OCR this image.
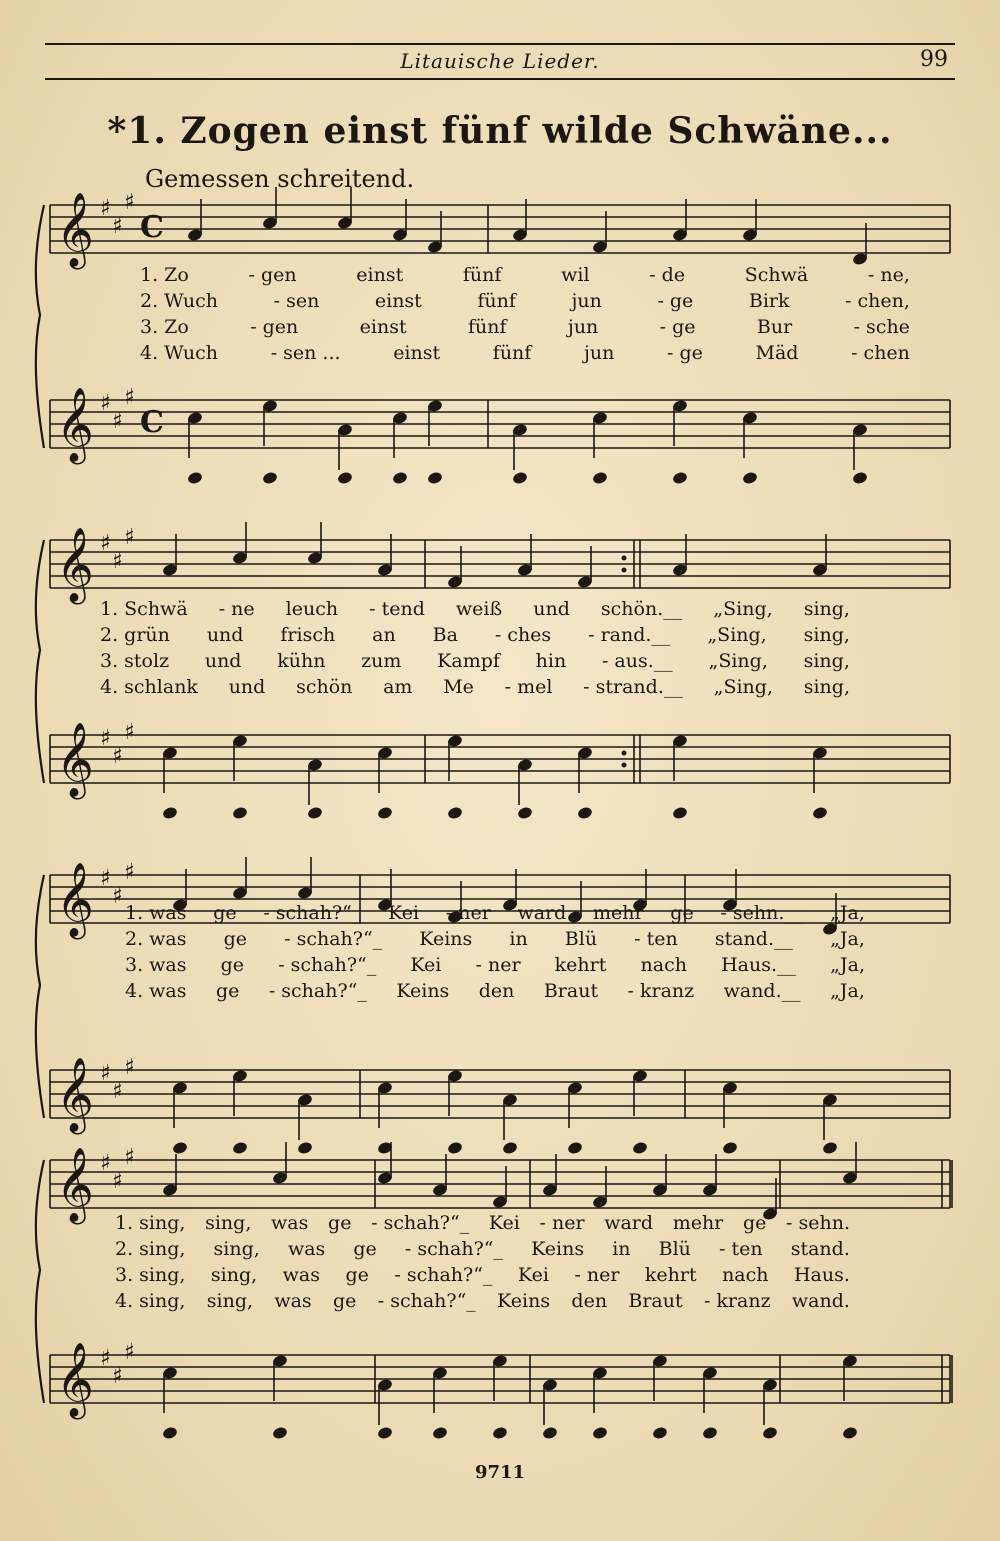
Litauische Lieder.	99
*1. Zogen einst fünf wilde Schwäne...
Gemessen schreitend.
𝄞 ♯
♯
♯
C
𝄞 ♯
♯
♯
C
1. Zo	- gen	einst	fünf	wil	- de	Schwä	- ne,
2. Wuch	- sen	einst	fünf	jun	- ge	Birk	- chen,
3. Zo	- gen	einst	fünf	jun	- ge	Bur	- sche
4. Wuch	- sen ...	einst	fünf	jun	- ge	Mäd	- chen
𝄞 ♯
♯
♯
𝄞 ♯
♯
♯
1. Schwä - ne leuch - tend weiß und schön.__ „Sing, sing,
2. grün und frisch an Ba - ches - rand.__ „Sing, sing,
3. stolz und kühn zum Kampf hin - aus.__ „Sing, sing,
4. schlank und schön am Me - mel - strand.__ „Sing, sing,
𝄞 ♯
♯
♯
𝄞 ♯
♯
♯
1. was ge - schah?“_ Kei - ner ward mehr ge - sehn.__ „Ja,
2. was ge - schah?“_ Keins in Blü - ten stand.__ „Ja,
3. was ge - schah?“_ Kei - ner kehrt nach Haus.__ „Ja,
4. was ge - schah?“_ Keins den Braut - kranz wand.__ „Ja,
𝄞 ♯
♯
♯
𝄞 ♯
♯
♯
1. sing, sing, was ge - schah?“_ Kei - ner ward mehr ge - sehn.
2. sing, sing, was ge - schah?“_ Keins in Blü - ten stand.
3. sing, sing, was ge - schah?“_ Kei - ner kehrt nach Haus.
4. sing, sing, was ge - schah?“_ Keins den Braut - kranz wand.
9711
